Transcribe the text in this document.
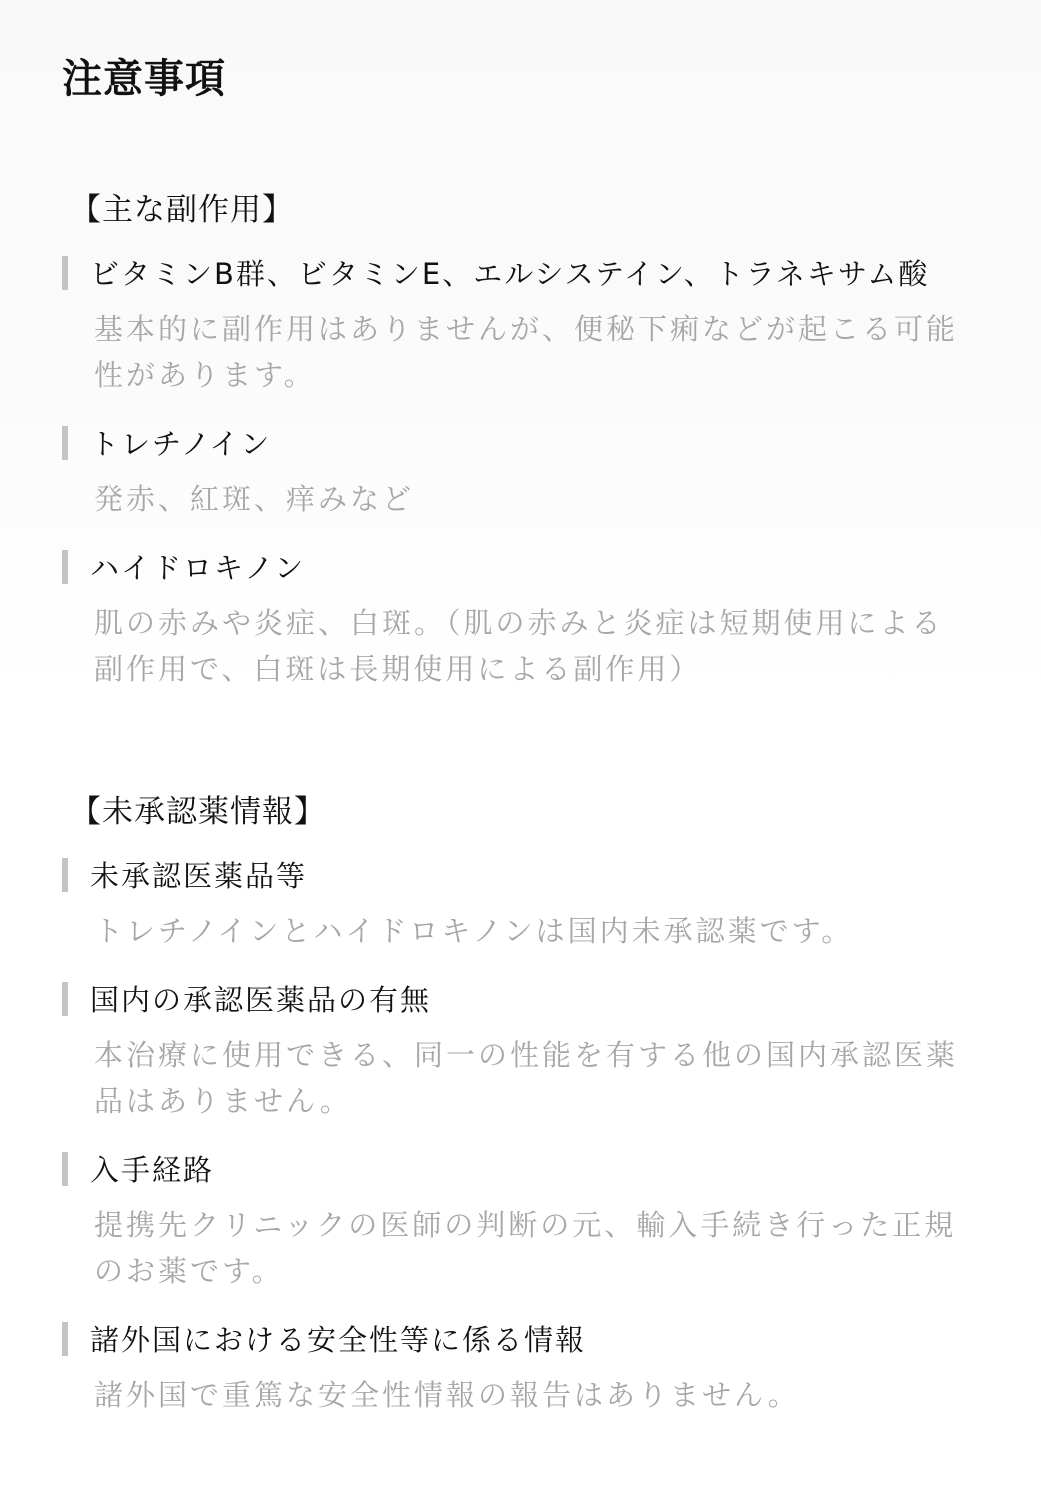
注意事項
【主な副作用】
ビタミンB群、ビタミンE、エルシステイン、トラネキサム酸
基本的に副作用はありませんが、便秘下痢などが起こる可能性があります。
トレチノイン
発赤、紅斑、痒みなど
ハイドロキノン
肌の赤みや炎症、白斑。（肌の赤みと炎症は短期使用による副作用で、白斑は長期使用による副作用）
【未承認薬情報】
未承認医薬品等
トレチノインとハイドロキノンは国内未承認薬です。
国内の承認医薬品の有無
本治療に使用できる、同一の性能を有する他の国内承認医薬品はありません。
入手経路
提携先クリニックの医師の判断の元、輸入手続き行った正規のお薬です。
諸外国における安全性等に係る情報
諸外国で重篤な安全性情報の報告はありません。
